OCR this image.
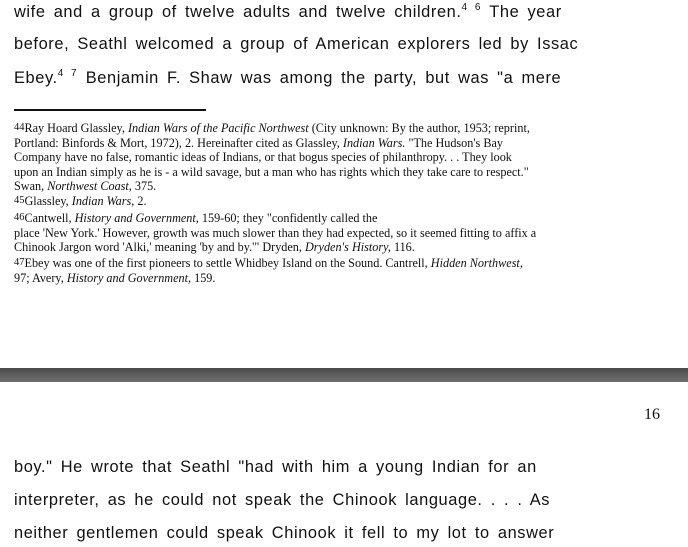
wife and a group of twelve adults and twelve children.$^{4 6}$ The year
before, Seathl welcomed a group of American explorers led by Issac
Ebey.$^{4 7}$ Benjamin F. Shaw was among the party, but was "a mere
44Ray Hoard Glassley, Indian Wars of the Pacific Northwest (City unknown: By the author, 1953; reprint,
Portland: Binfords & Mort, 1972), 2. Hereinafter cited as Glassley, Indian Wars. "The Hudson's Bay
Company have no false, romantic ideas of Indians, or that bogus species of philanthropy. . . They look
upon an Indian simply as he is - a wild savage, but a man who has rights which they take care to respect."
Swan, Northwest Coast, 375.
45Glassley, Indian Wars, 2.
46Cantwell, History and Government, 159-60; they "confidently called the
place 'New York.' However, growth was much slower than they had expected, so it seemed fitting to affix a
Chinook Jargon word 'Alki,' meaning 'by and by.'" Dryden, Dryden's History, 116.
47Ebey was one of the first pioneers to settle Whidbey Island on the Sound. Cantrell, Hidden Northwest,
97; Avery, History and Government, 159.
16
boy." He wrote that Seathl "had with him a young Indian for an
interpreter, as he could not speak the Chinook language. . . . As
neither gentlemen could speak Chinook it fell to my lot to answer
